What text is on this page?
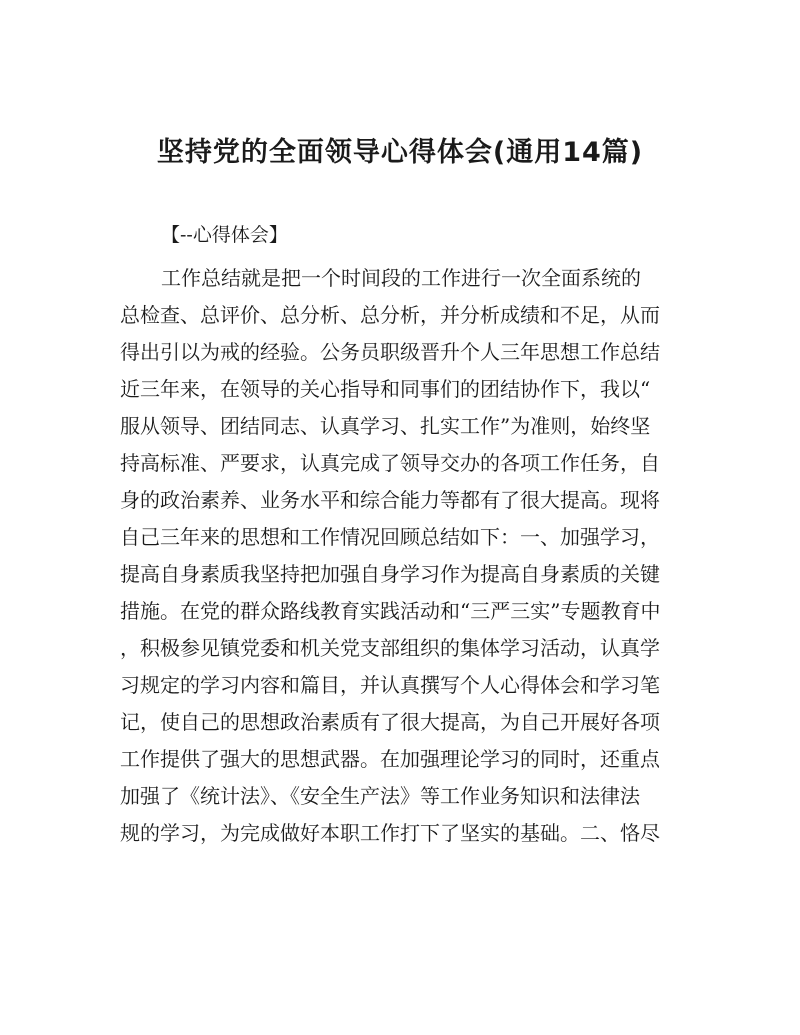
坚持党的全面领导心得体会(通用14篇)

【--心得体会】

工作总结就是把一个时间段的工作进行一次全面系统的

总检查、总评价、总分析、总分析，并分析成绩和不足，从而

得出引以为戒的经验。公务员职级晋升个人三年思想工作总结

近三年来，在领导的关心指导和同事们的团结协作下，我以“

服从领导、团结同志、认真学习、扎实工作”为准则，始终坚

持高标准、严要求，认真完成了领导交办的各项工作任务，自

身的政治素养、业务水平和综合能力等都有了很大提高。现将

自己三年来的思想和工作情况回顾总结如下：一、加强学习，

提高自身素质我坚持把加强自身学习作为提高自身素质的关键

措施。在党的群众路线教育实践活动和“三严三实”专题教育中

，积极参见镇党委和机关党支部组织的集体学习活动，认真学

习规定的学习内容和篇目，并认真撰写个人心得体会和学习笔

记，使自己的思想政治素质有了很大提高，为自己开展好各项

工作提供了强大的思想武器。在加强理论学习的同时，还重点

加强了《统计法》、《安全生产法》等工作业务知识和法律法

规的学习，为完成做好本职工作打下了坚实的基础。二、恪尽
